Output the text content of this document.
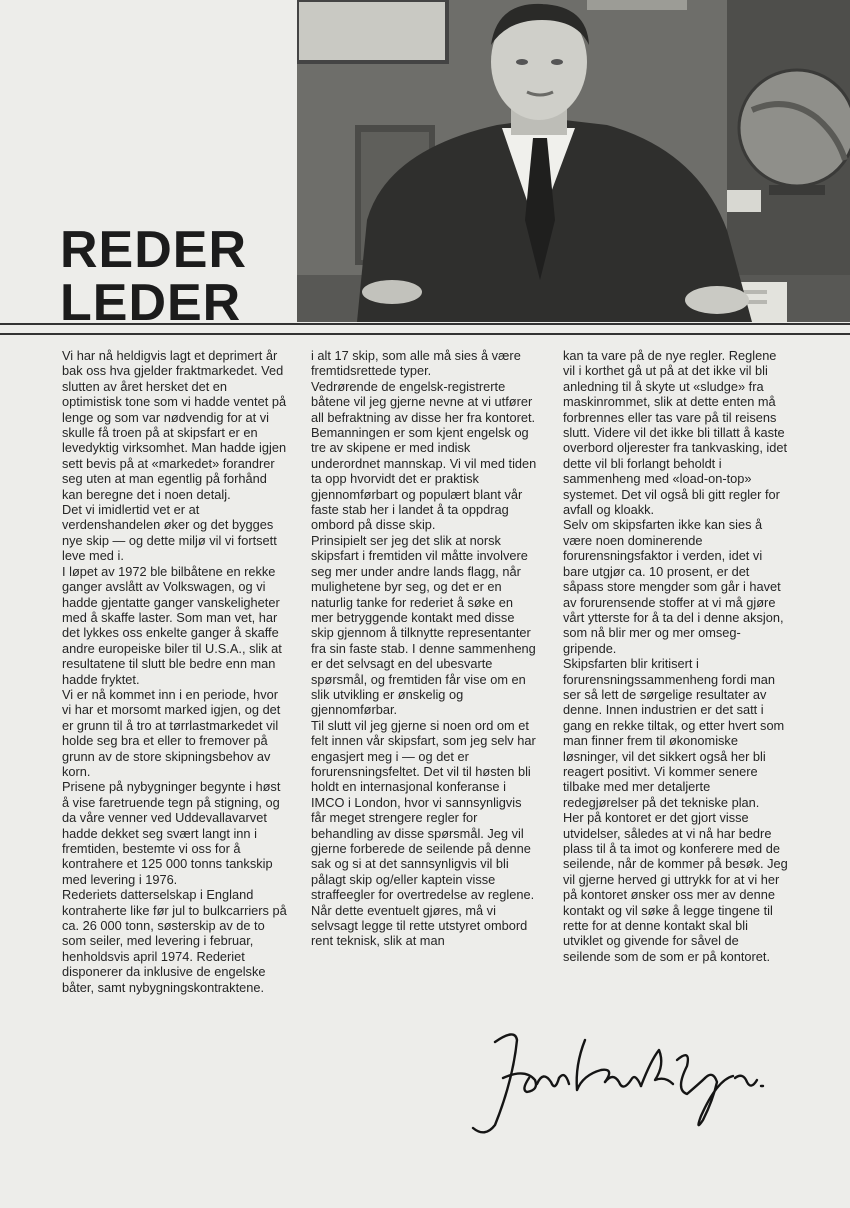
REDER
LEDER

Vi har nå heldigvis lagt et deprimert år bak oss hva gjelder fraktmarkedet. Ved slutten av året hersket det en optimistisk tone som vi hadde ventet på lenge og som var nødvendig for at vi skulle få troen på at skipsfart er en levedyktig virksomhet. Man hadde igjen sett bevis på at «markedet» forandrer seg uten at man egentlig på forhånd kan beregne det i noen detalj.

Det vi imidlertid vet er at verdenshandelen øker og det bygges nye skip — og dette miljø vil vi fortsett leve med i.

I løpet av 1972 ble bilbåtene en rekke ganger avslått av Volkswagen, og vi hadde gjentatte ganger vanskeligheter med å skaffe laster. Som man vet, har det lykkes oss enkelte ganger å skaffe andre europeiske biler til U.S.A., slik at resultatene til slutt ble bedre enn man hadde fryktet.

Vi er nå kommet inn i en periode, hvor vi har et morsomt marked igjen, og det er grunn til å tro at tørrlastmarkedet vil holde seg bra et eller to fremover på grunn av de store skipningsbehov av korn.

Prisene på nybygninger begynte i høst å vise faretruende tegn på stigning, og da våre venner ved Uddevallavarvet hadde dekket seg svært langt inn i fremtiden, bestemte vi oss for å kontrahere et 125 000 tonns tankskip med levering i 1976.

Rederiets datterselskap i England kontraherte like før jul to bulkcarriers på ca. 26 000 tonn, søsterskip av de to som seiler, med levering i februar, henholdsvis april 1974. Rederiet disponerer da inklusive de engelske båter, samt nybygningskontraktene.

i alt 17 skip, som alle må sies å være fremtidsrettede typer.

Vedrørende de engelsk-registrerte båtene vil jeg gjerne nevne at vi utfører all befraktning av disse her fra kontoret. Bemanningen er som kjent engelsk og tre av skipene er med indisk underordnet mannskap. Vi vil med tiden ta opp hvorvidt det er praktisk gjennomførbart og populært blant vår faste stab her i landet å ta oppdrag ombord på disse skip.

Prinsipielt ser jeg det slik at norsk skipsfart i fremtiden vil måtte involvere seg mer under andre lands flagg, når mulighetene byr seg, og det er en naturlig tanke for rederiet å søke en mer betryggende kontakt med disse skip gjennom å tilknytte representanter fra sin faste stab. I denne sammenheng er det selvsagt en del ubesvarte spørsmål, og fremtiden får vise om en slik utvikling er ønskelig og gjennomførbar.

Til slutt vil jeg gjerne si noen ord om et felt innen vår skipsfart, som jeg selv har engasjert meg i — og det er forurensningsfeltet. Det vil til høsten bli holdt en internasjonal konferanse i IMCO i London, hvor vi sannsynligvis får meget strengere regler for behandling av disse spørsmål. Jeg vil gjerne forberede de seilende på denne sak og si at det sannsynligvis vil bli pålagt skip og/eller kaptein visse straffeegler for overtredelse av reglene.

Når dette eventuelt gjøres, må vi selvsagt legge til rette utstyret ombord rent teknisk, slik at man

kan ta vare på de nye regler. Reglene vil i korthet gå ut på at det ikke vil bli anledning til å skyte ut «sludge» fra maskinrommet, slik at dette enten må forbrennes eller tas vare på til reisens slutt. Videre vil det ikke bli tillatt å kaste overbord oljerester fra tankvasking, idet dette vil bli forlangt beholdt i sammenheng med «load-on-top» systemet. Det vil også bli gitt regler for avfall og kloakk.

Selv om skipsfarten ikke kan sies å være noen dominerende forurensningsfaktor i verden, idet vi bare utgjør ca. 10 prosent, er det såpass store mengder som går i havet av forurensende stoffer at vi må gjøre vårt ytterste for å ta del i denne aksjon, som nå blir mer og mer omseg-gripende.

Skipsfarten blir kritisert i forurensningssammenheng fordi man ser så lett de sørgelige resultater av denne. Innen industrien er det satt i gang en rekke tiltak, og etter hvert som man finner frem til økonomiske løsninger, vil det sikkert også her bli reagert positivt. Vi kommer senere tilbake med mer detaljerte redegjørelser på det tekniske plan.

Her på kontoret er det gjort visse utvidelser, således at vi nå har bedre plass til å ta imot og konferere med de seilende, når de kommer på besøk. Jeg vil gjerne herved gi uttrykk for at vi her på kontoret ønsker oss mer av denne kontakt og vil søke å legge tingene til rette for at denne kontakt skal bli utviklet og givende for såvel de seilende som de som er på kontoret.
